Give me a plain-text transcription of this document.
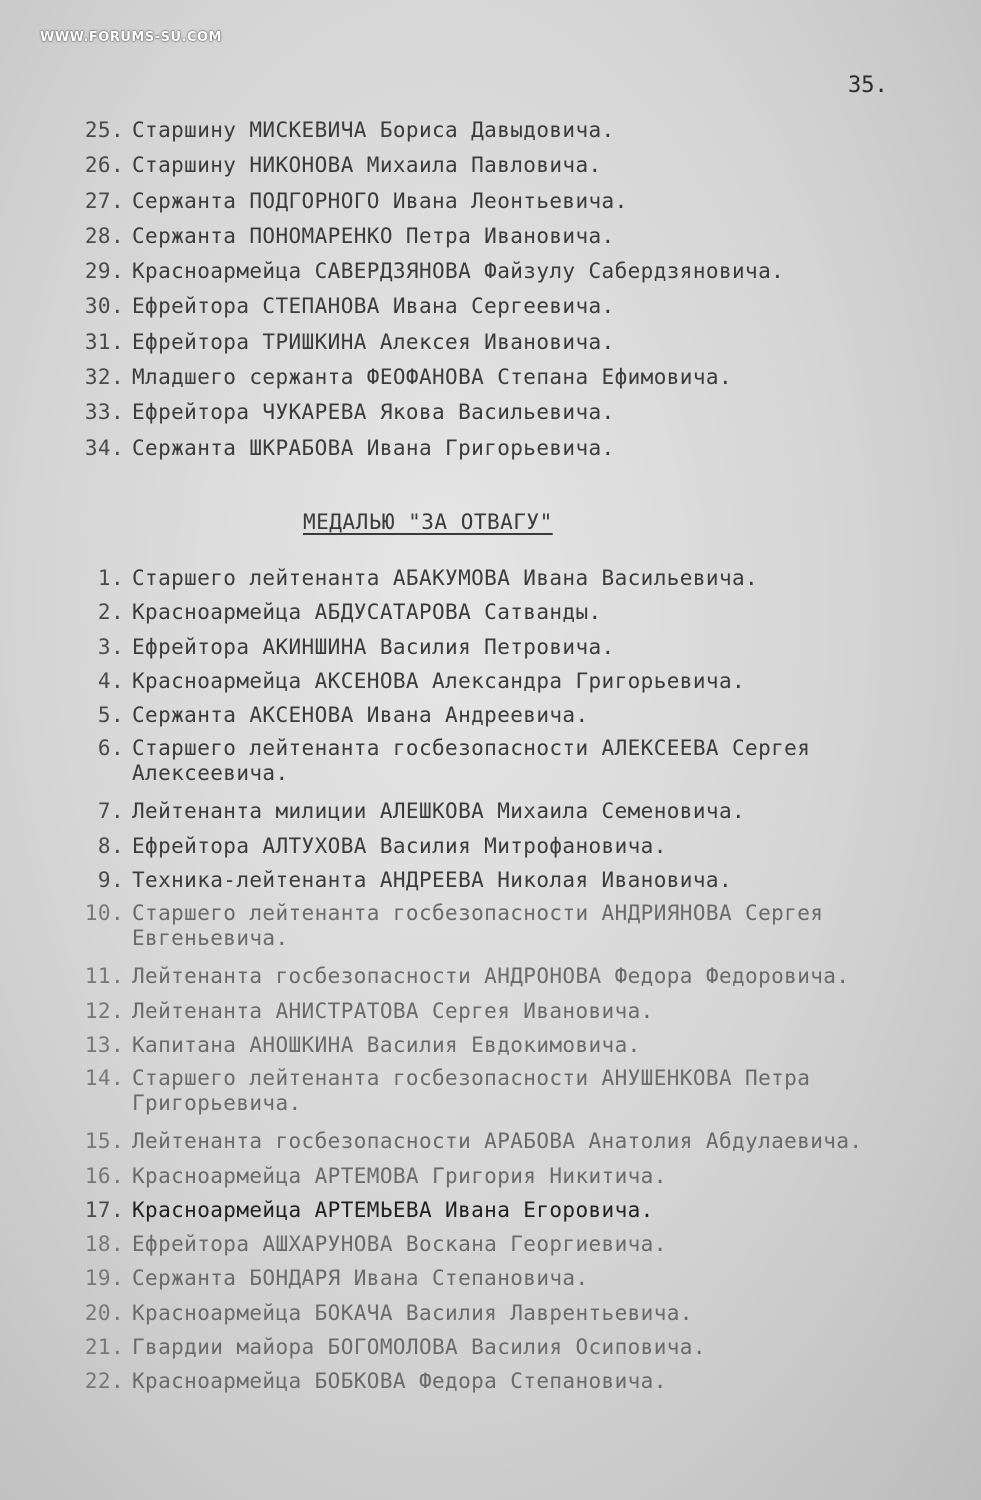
WWW.FORUMS-SU.COM
35.
25. Старшину МИСКЕВИЧА Бориса Давыдовича.
26. Старшину НИКОНОВА Михаила Павловича.
27. Сержанта ПОДГОРНОГО Ивана Леонтьевича.
28. Сержанта ПОНОМАРЕНКО Петра Ивановича.
29. Красноармейца САВЕРДЗЯНОВА Файзулу Сабердзяновича.
30. Ефрейтора СТЕПАНОВА Ивана Сергеевича.
31. Ефрейтора ТРИШКИНА Алексея Ивановича.
32. Младшего сержанта ФЕОФАНОВА Степана Ефимовича.
33. Ефрейтора ЧУКАРЕВА Якова Васильевича.
34. Сержанта ШКРАБОВА Ивана Григорьевича.
МЕДАЛЬЮ "ЗА ОТВАГУ"
1. Старшего лейтенанта АБАКУМОВА Ивана Васильевича.
2. Красноармейца АБДУСАТАРОВА Сатванды.
3. Ефрейтора АКИНШИНА Василия Петровича.
4. Красноармейца АКСЕНОВА Александра Григорьевича.
5. Сержанта АКСЕНОВА Ивана Андреевича.
6. Старшего лейтенанта госбезопасности АЛЕКСЕЕВА Сергея
Алексеевича.
7. Лейтенанта милиции АЛЕШКОВА Михаила Семеновича.
8. Ефрейтора АЛТУХОВА Василия Митрофановича.
9. Техника-лейтенанта АНДРЕЕВА Николая Ивановича.
10. Старшего лейтенанта госбезопасности АНДРИЯНОВА Сергея
Евгеньевича.
11. Лейтенанта госбезопасности АНДРОНОВА Федора Федоровича.
12. Лейтенанта АНИСТРАТОВА Сергея Ивановича.
13. Капитана АНОШКИНА Василия Евдокимовича.
14. Старшего лейтенанта госбезопасности АНУШЕНКОВА Петра
Григорьевича.
15. Лейтенанта госбезопасности АРАБОВА Анатолия Абдулаевича.
16. Красноармейца АРТЕМОВА Григория Никитича.
17. Красноармейца АРТЕМЬЕВА Ивана Егоровича.
18. Ефрейтора АШХАРУНОВА Воскана Георгиевича.
19. Сержанта БОНДАРЯ Ивана Степановича.
20. Красноармейца БОКАЧА Василия Лаврентьевича.
21. Гвардии майора БОГОМОЛОВА Василия Осиповича.
22. Красноармейца БОБКОВА Федора Степановича.
